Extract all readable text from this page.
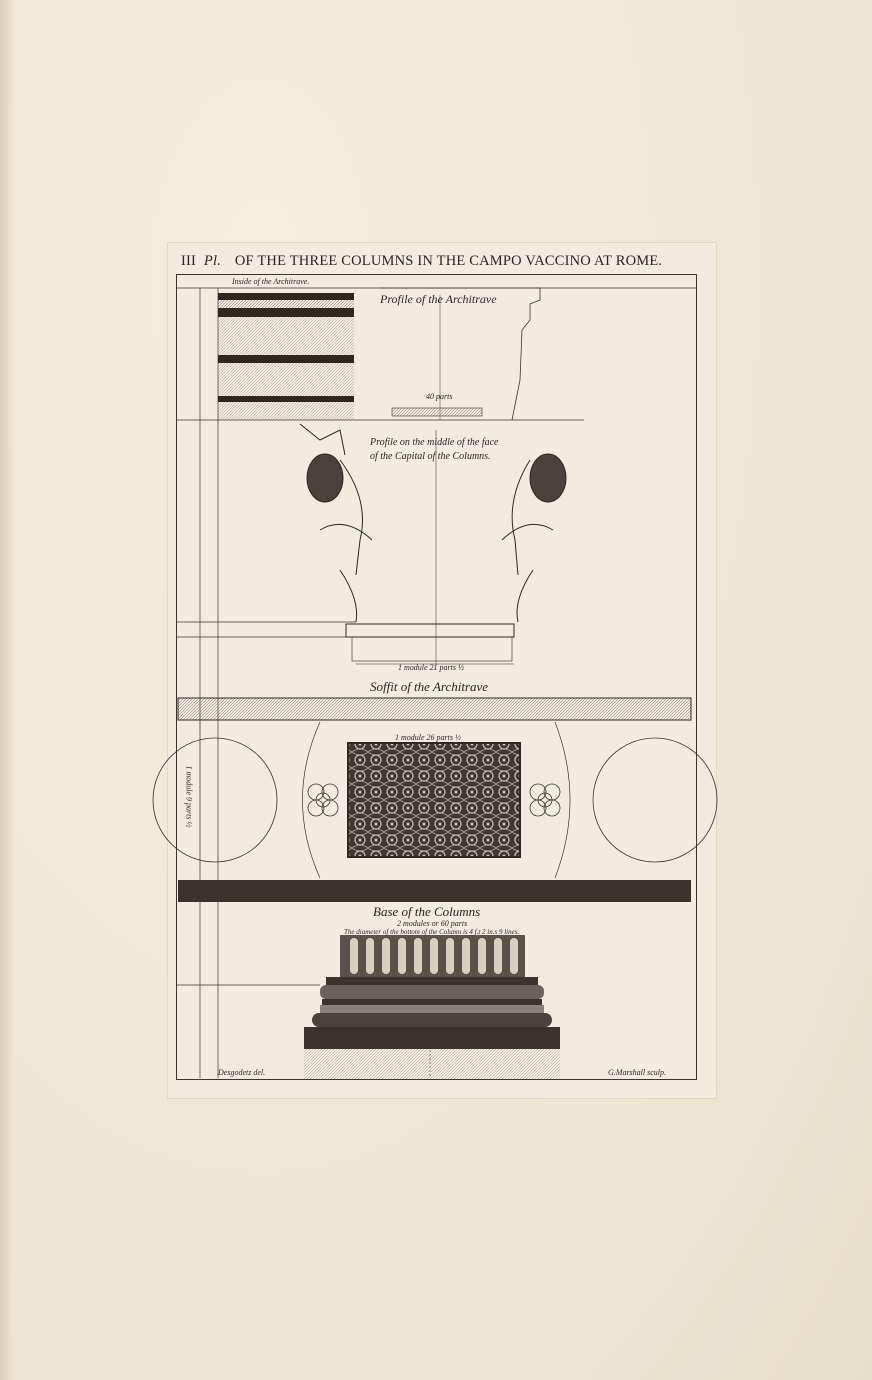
III Pl. OF THE THREE COLUMNS IN THE CAMPO VACCINO AT ROME.
Inside of the Architrave.
Profile of the Architrave
40 parts
Profile on the middle of the face
of the Capital of the Columns.
1 module 21 parts ½
Soffit of the Architrave
1 module 26 parts ½
1 module 9 parts ½
Base of the Columns
2 modules or 60 parts
The diameter of the bottom of the Column is 4 f.t 2 in.s 9 lines.
Desgodetz del.	G.Marshall sculp.
